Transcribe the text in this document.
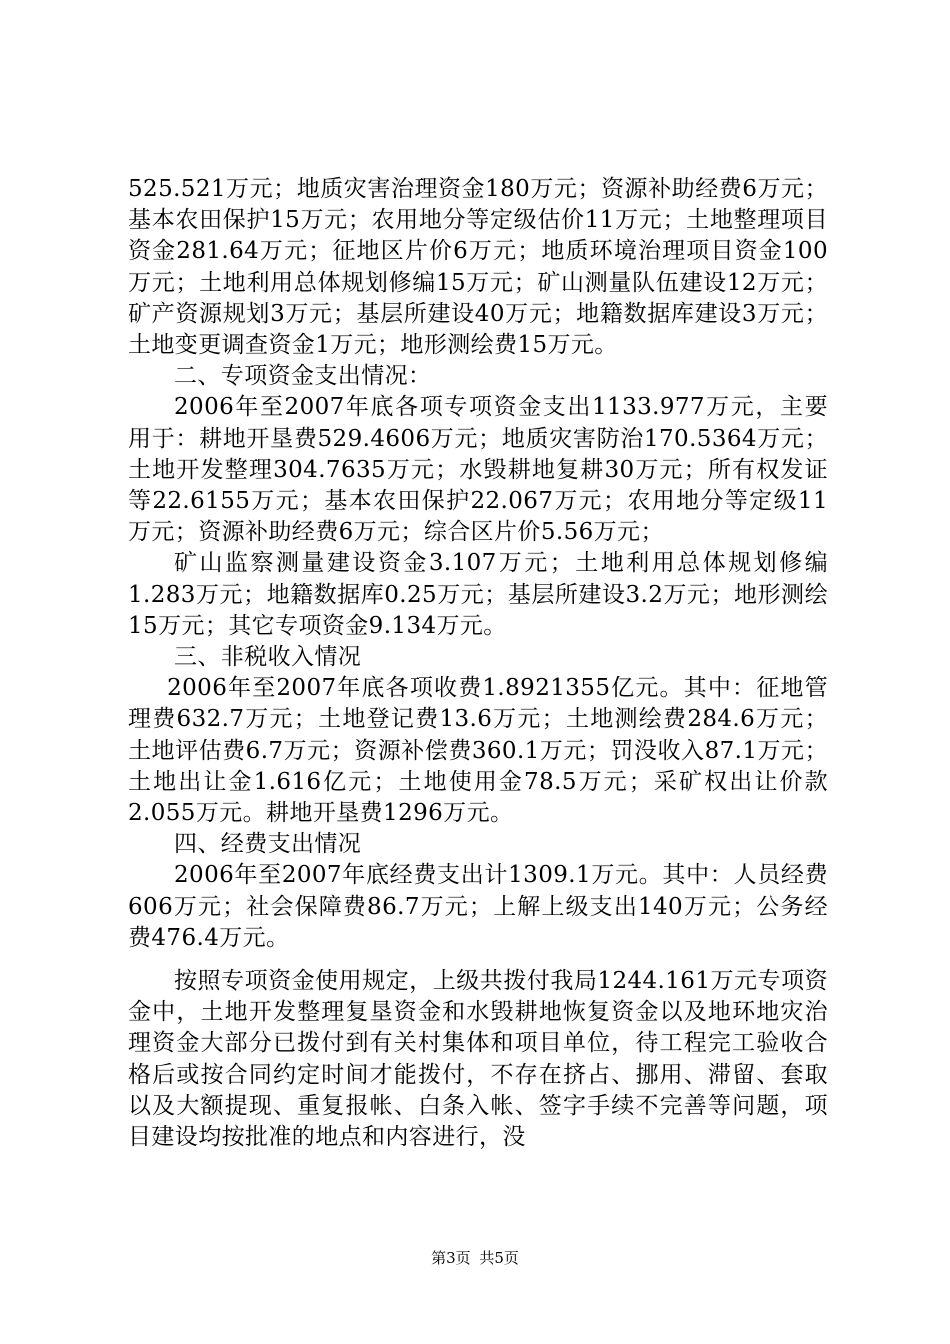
525.521万元；地质灾害治理资金180万元；资源补助经费6万元；基本农田保护15万元；农用地分等定级估价11万元；土地整理项目资金281.64万元；征地区片价6万元；地质环境治理项目资金100万元；土地利用总体规划修编15万元；矿山测量队伍建设12万元；矿产资源规划3万元；基层所建设40万元；地籍数据库建设3万元；土地变更调查资金1万元；地形测绘费15万元。

二、专项资金支出情况：

2006年至2007年底各项专项资金支出1133.977万元，主要用于：耕地开垦费529.4606万元；地质灾害防治170.5364万元；土地开发整理304.7635万元；水毁耕地复耕30万元；所有权发证等22.6155万元；基本农田保护22.067万元；农用地分等定级11万元；资源补助经费6万元；综合区片价5.56万元；

矿山监察测量建设资金3.107万元；土地利用总体规划修编1.283万元；地籍数据库0.25万元；基层所建设3.2万元；地形测绘15万元；其它专项资金9.134万元。

三、非税收入情况

2006年至2007年底各项收费1.8921355亿元。其中：征地管理费632.7万元；土地登记费13.6万元；土地测绘费284.6万元；土地评估费6.7万元；资源补偿费360.1万元；罚没收入87.1万元；土地出让金1.616亿元；土地使用金78.5万元；采矿权出让价款2.055万元。耕地开垦费1296万元。

四、经费支出情况

2006年至2007年底经费支出计1309.1万元。其中：人员经费606万元；社会保障费86.7万元；上解上级支出140万元；公务经费476.4万元。

按照专项资金使用规定，上级共拨付我局1244.161万元专项资金中，土地开发整理复垦资金和水毁耕地恢复资金以及地环地灾治理资金大部分已拨付到有关村集体和项目单位，待工程完工验收合格后或按合同约定时间才能拨付，不存在挤占、挪用、滞留、套取以及大额提现、重复报帐、白条入帐、签字手续不完善等问题，项目建设均按批准的地点和内容进行，没

第3页 共5页
